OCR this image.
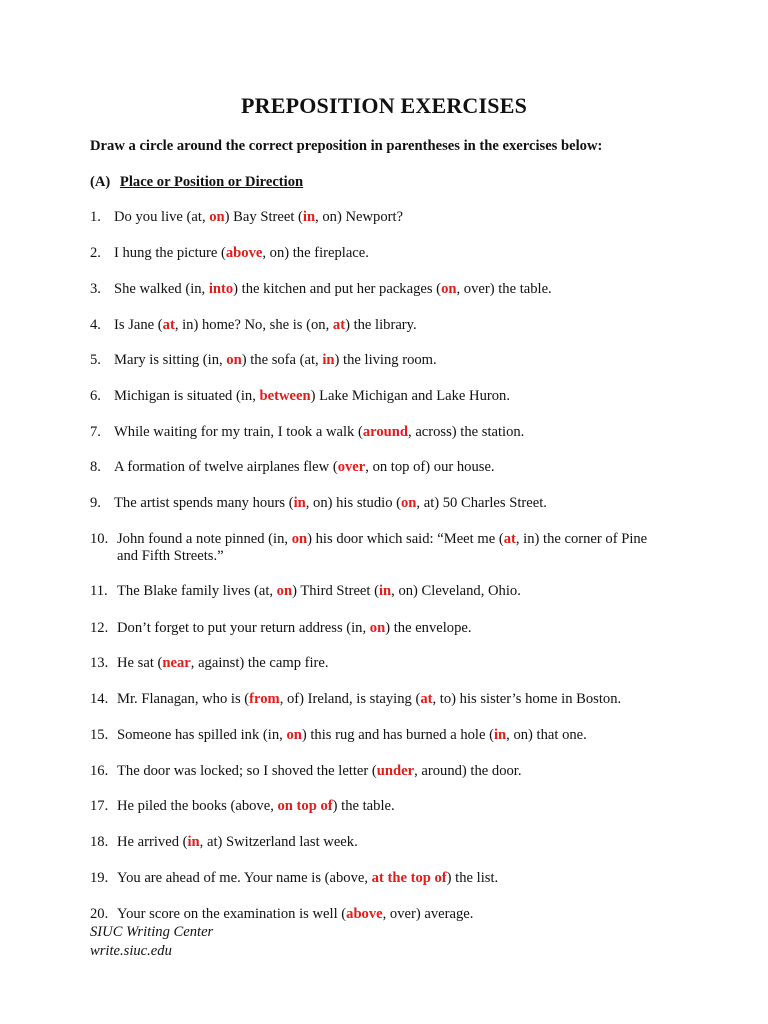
PREPOSITION EXERCISES
Draw a circle around the correct preposition in parentheses in the exercises below:
(A) Place or Position or Direction
1. Do you live (at, on) Bay Street (in, on) Newport?
2. I hung the picture (above, on) the fireplace.
3. She walked (in, into) the kitchen and put her packages (on, over) the table.
4. Is Jane (at, in) home? No, she is (on, at) the library.
5. Mary is sitting (in, on) the sofa (at, in) the living room.
6. Michigan is situated (in, between) Lake Michigan and Lake Huron.
7. While waiting for my train, I took a walk (around, across) the station.
8. A formation of twelve airplanes flew (over, on top of) our house.
9. The artist spends many hours (in, on) his studio (on, at) 50 Charles Street.
10. John found a note pinned (in, on) his door which said: “Meet me (at, in) the corner of Pine
and Fifth Streets.”
11. The Blake family lives (at, on) Third Street (in, on) Cleveland, Ohio.
12. Don’t forget to put your return address (in, on) the envelope.
13. He sat (near, against) the camp fire.
14. Mr. Flanagan, who is (from, of) Ireland, is staying (at, to) his sister’s home in Boston.
15. Someone has spilled ink (in, on) this rug and has burned a hole (in, on) that one.
16. The door was locked; so I shoved the letter (under, around) the door.
17. He piled the books (above, on top of) the table.
18. He arrived (in, at) Switzerland last week.
19. You are ahead of me. Your name is (above, at the top of) the list.
20. Your score on the examination is well (above, over) average.
SIUC Writing Center
write.siuc.edu
